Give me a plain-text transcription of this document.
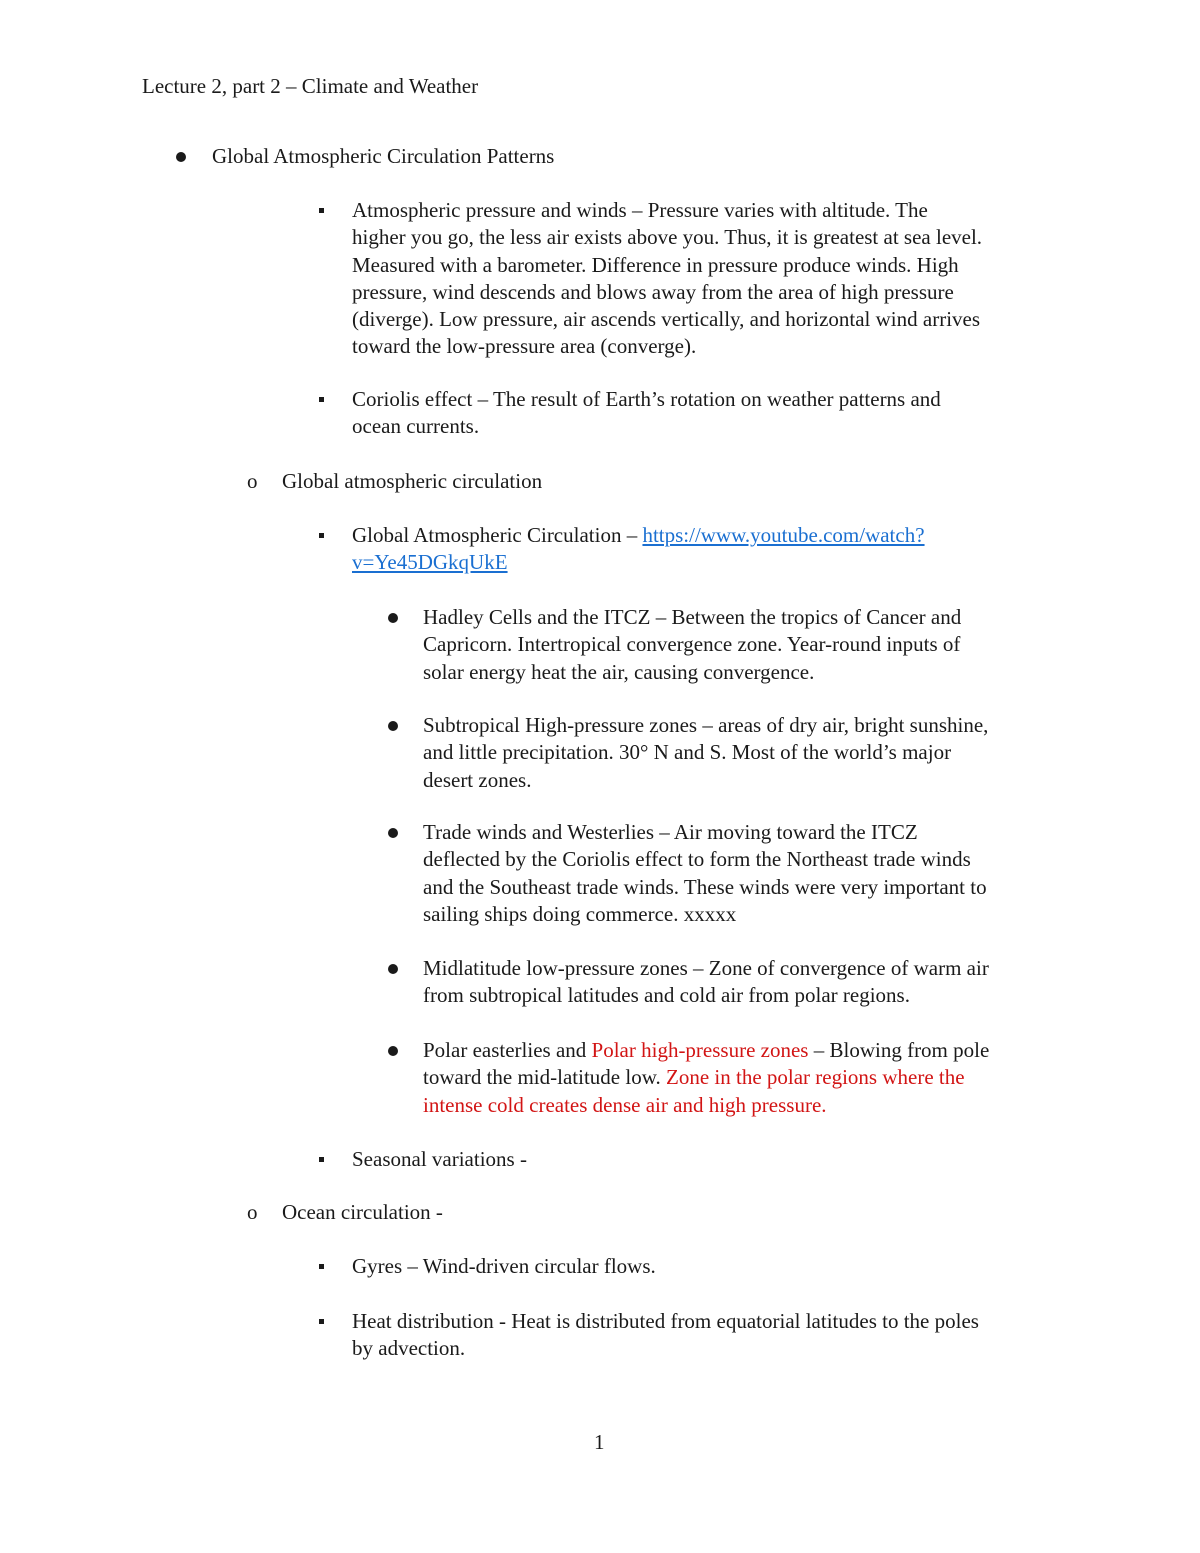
Lecture 2, part 2 – Climate and Weather
Global Atmospheric Circulation Patterns
Atmospheric pressure and winds – Pressure varies with altitude. The
higher you go, the less air exists above you. Thus, it is greatest at sea level.
Measured with a barometer. Difference in pressure produce winds. High
pressure, wind descends and blows away from the area of high pressure
(diverge). Low pressure, air ascends vertically, and horizontal wind arrives
toward the low-pressure area (converge).
Coriolis effect – The result of Earth’s rotation on weather patterns and
ocean currents.
o Global atmospheric circulation
Global Atmospheric Circulation – https://www.youtube.com/watch?
v=Ye45DGkqUkE
Hadley Cells and the ITCZ – Between the tropics of Cancer and
Capricorn. Intertropical convergence zone. Year-round inputs of
solar energy heat the air, causing convergence.
Subtropical High-pressure zones – areas of dry air, bright sunshine,
and little precipitation. 30° N and S. Most of the world’s major
desert zones.
Trade winds and Westerlies – Air moving toward the ITCZ
deflected by the Coriolis effect to form the Northeast trade winds
and the Southeast trade winds. These winds were very important to
sailing ships doing commerce. xxxxx
Midlatitude low-pressure zones – Zone of convergence of warm air
from subtropical latitudes and cold air from polar regions.
Polar easterlies and Polar high-pressure zones – Blowing from pole
toward the mid-latitude low. Zone in the polar regions where the
intense cold creates dense air and high pressure.
Seasonal variations -
o Ocean circulation -
Gyres – Wind-driven circular flows.
Heat distribution - Heat is distributed from equatorial latitudes to the poles
by advection.
1
